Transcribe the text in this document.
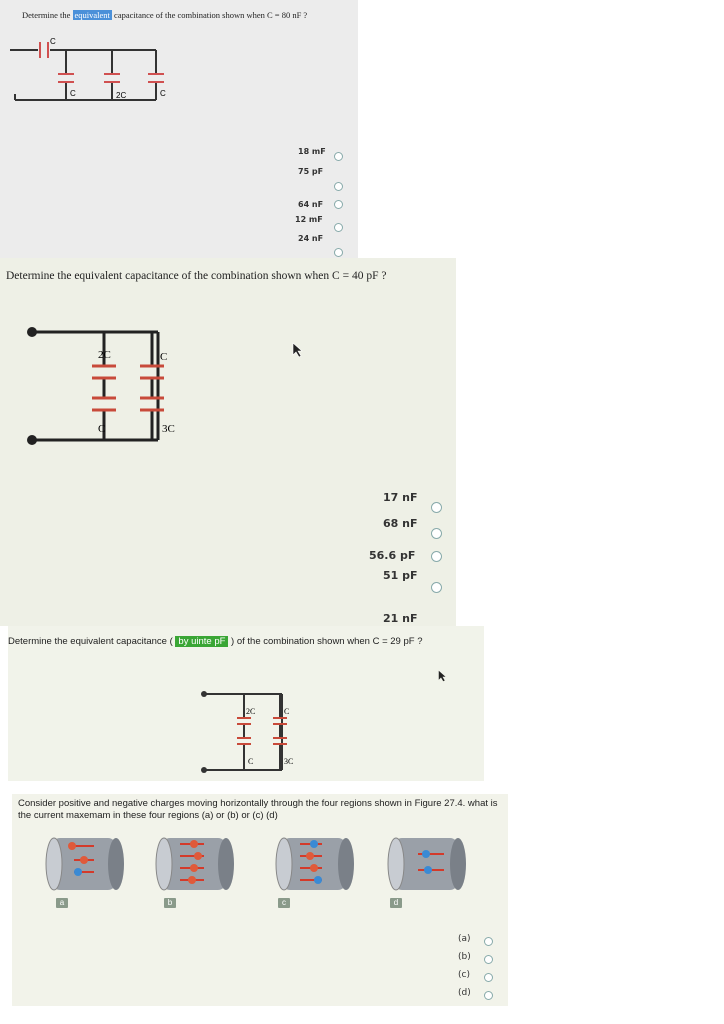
Determine the equivalent capacitance of the combination shown when C = 80 nF ?
C
C	2C	C
18 mF
75 pF
64 nF
12 mF
24 nF
Determine the equivalent capacitance of the combination shown when C = 40 pF ?
2C	C
C	3C
17 nF
68 nF
56.6 pF
51 pF
21 nF
Determine the equivalent capacitance ( by uinte pF ) of the combination shown when C = 29 pF ?
2C	C
C	3C
Consider positive and negative charges moving horizontally through the four regions shown in Figure 27.4. what is the current maxemam in these four regions (a) or (b) or (c) (d)
a	b	c	d
(a)
(b)
(c)
(d)
